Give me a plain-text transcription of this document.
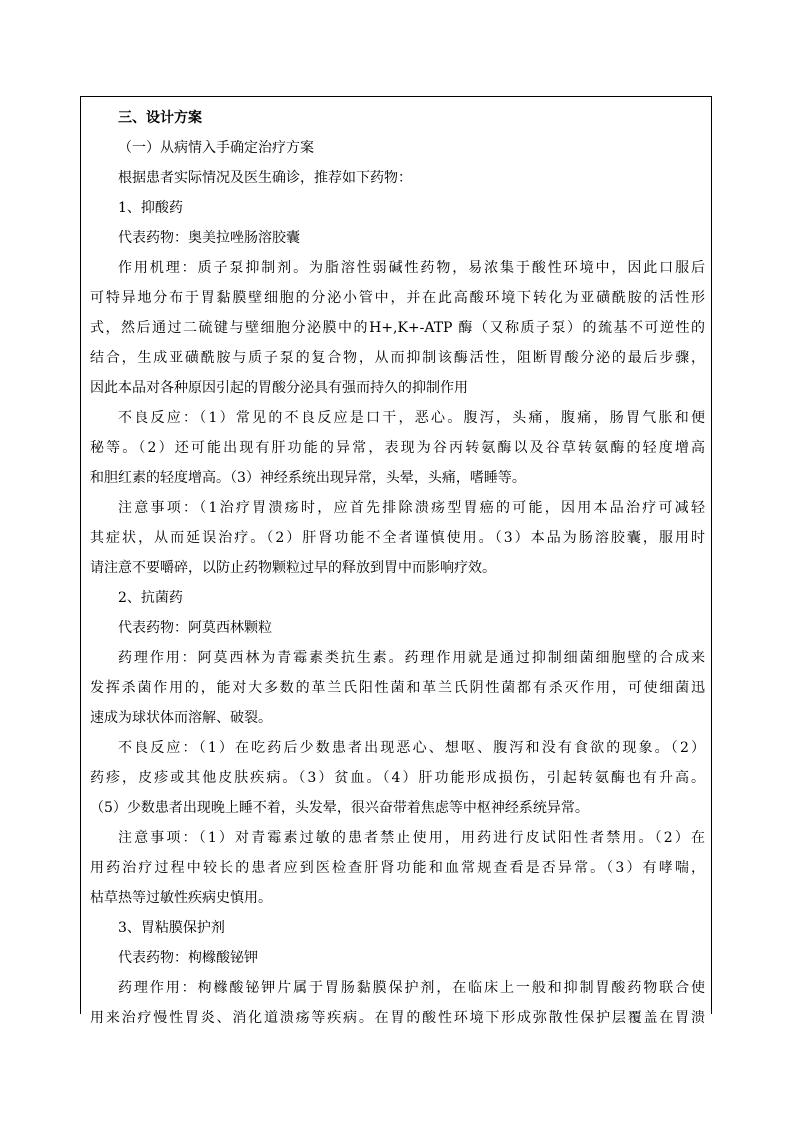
三、设计方案
（一）从病情入手确定治疗方案
根据患者实际情况及医生确诊，推荐如下药物：
1、抑酸药
代表药物：奥美拉唑肠溶胶囊
作用机理：质子泵抑制剂。为脂溶性弱碱性药物，易浓集于酸性环境中，因此口服后
可特异地分布于胃黏膜壁细胞的分泌小管中，并在此高酸环境下转化为亚磺酰胺的活性形
式，然后通过二硫键与壁细胞分泌膜中的H+,K+-ATP 酶（又称质子泵）的巯基不可逆性的
结合，生成亚磺酰胺与质子泵的复合物，从而抑制该酶活性，阻断胃酸分泌的最后步骤，
因此本品对各种原因引起的胃酸分泌具有强而持久的抑制作用
不良反应：（1）常见的不良反应是口干，恶心。腹泻，头痛，腹痛，肠胃气胀和便
秘等。（2）还可能出现有肝功能的异常，表现为谷丙转氨酶以及谷草转氨酶的轻度增高
和胆红素的轻度增高。（3）神经系统出现异常，头晕，头痛，嗜睡等。
注意事项：（1治疗胃溃疡时，应首先排除溃疡型胃癌的可能，因用本品治疗可减轻
其症状，从而延误治疗。（2）肝肾功能不全者谨慎使用。（3）本品为肠溶胶囊，服用时
请注意不要嚼碎，以防止药物颗粒过早的释放到胃中而影响疗效。
2、抗菌药
代表药物：阿莫西林颗粒
药理作用：阿莫西林为青霉素类抗生素。药理作用就是通过抑制细菌细胞壁的合成来
发挥杀菌作用的，能对大多数的革兰氏阳性菌和革兰氏阴性菌都有杀灭作用，可使细菌迅
速成为球状体而溶解、破裂。
不良反应：（1）在吃药后少数患者出现恶心、想呕、腹泻和没有食欲的现象。（2）
药疹，皮疹或其他皮肤疾病。（3）贫血。（4）肝功能形成损伤，引起转氨酶也有升高。
（5）少数患者出现晚上睡不着，头发晕，很兴奋带着焦虑等中枢神经系统异常。
注意事项：（1）对青霉素过敏的患者禁止使用，用药进行皮试阳性者禁用。（2）在
用药治疗过程中较长的患者应到医检查肝肾功能和血常规查看是否异常。（3）有哮喘，
枯草热等过敏性疾病史慎用。
3、胃粘膜保护剂
代表药物：枸橼酸铋钾
药理作用：枸橼酸铋钾片属于胃肠黏膜保护剂，在临床上一般和抑制胃酸药物联合使
用来治疗慢性胃炎、消化道溃疡等疾病。在胃的酸性环境下形成弥散性保护层覆盖在胃溃
